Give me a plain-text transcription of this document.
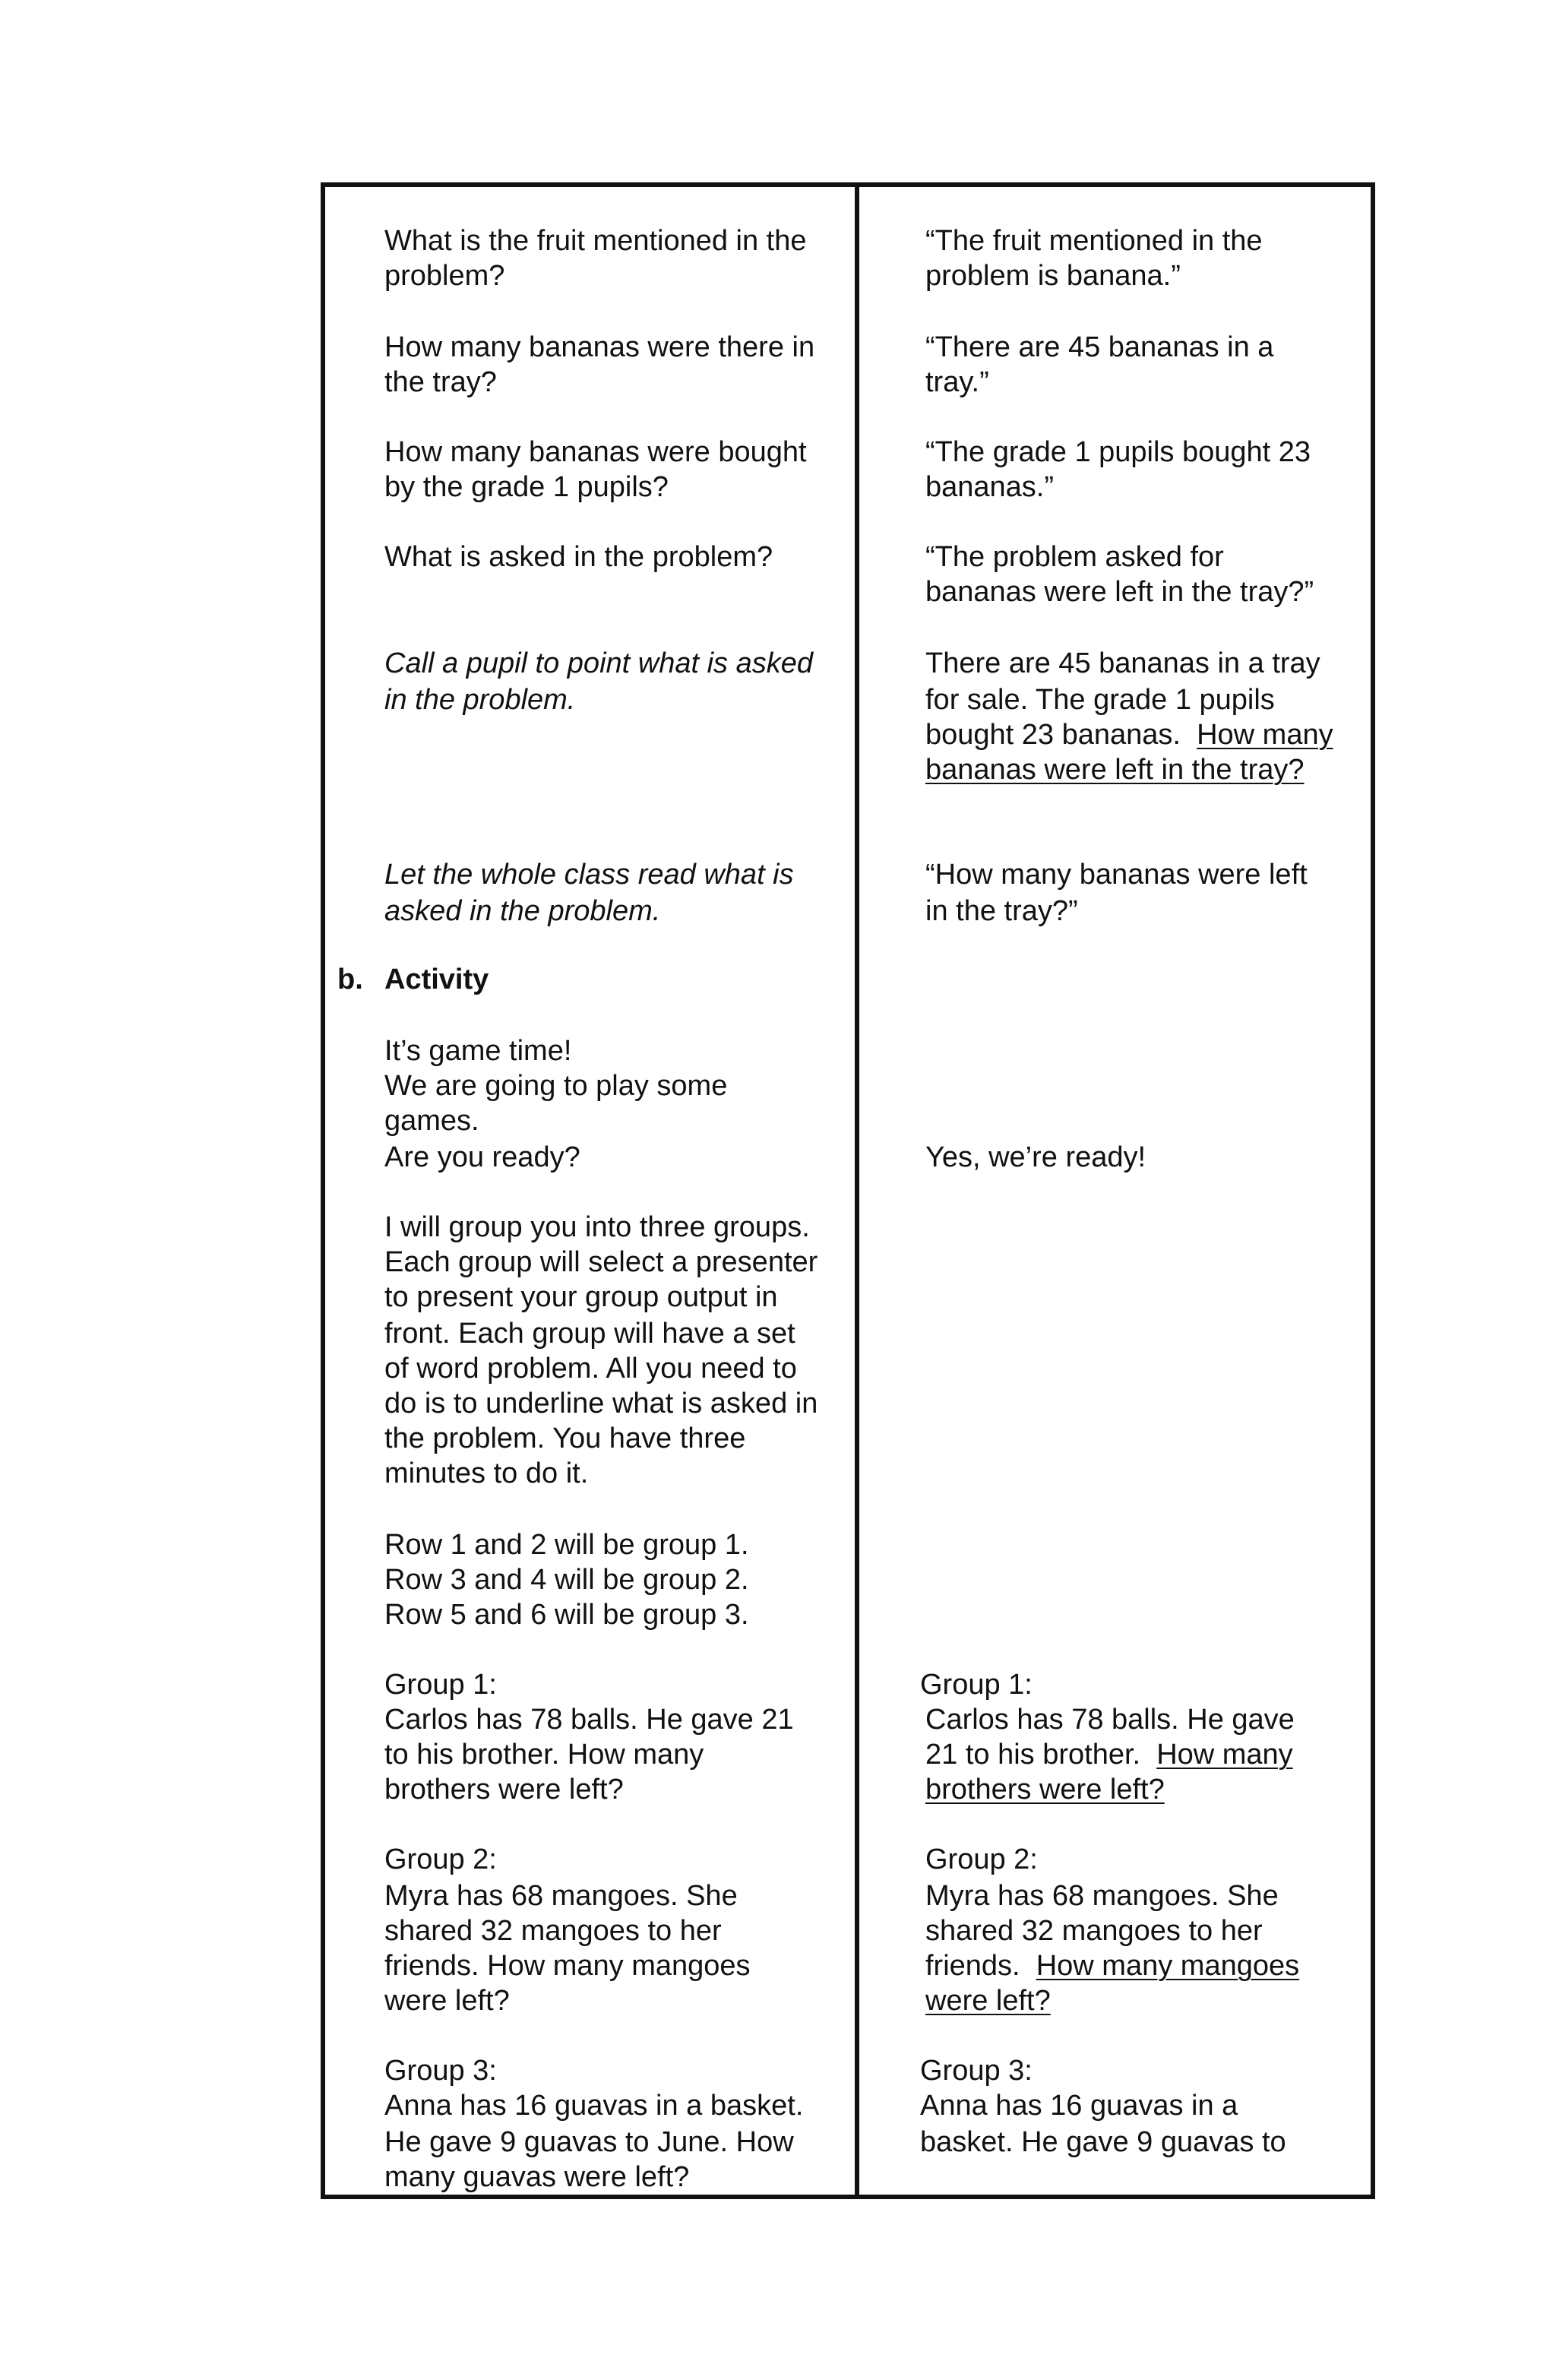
What is the fruit mentioned in the
problem?
How many bananas were there in
the tray?
How many bananas were bought
by the grade 1 pupils?
What is asked in the problem?
Call a pupil to point what is asked
in the problem.
Let the whole class read what is
asked in the problem.
b. Activity
It’s game time!
We are going to play some
games.
Are you ready?
I will group you into three groups.
Each group will select a presenter
to present your group output in
front. Each group will have a set
of word problem. All you need to
do is to underline what is asked in
the problem. You have three
minutes to do it.
Row 1 and 2 will be group 1.
Row 3 and 4 will be group 2.
Row 5 and 6 will be group 3.
Group 1:
Carlos has 78 balls. He gave 21
to his brother. How many
brothers were left?
Group 2:
Myra has 68 mangoes. She
shared 32 mangoes to her
friends. How many mangoes
were left?
Group 3:
Anna has 16 guavas in a basket.
He gave 9 guavas to June. How
many guavas were left?
“The fruit mentioned in the
problem is banana.”
“There are 45 bananas in a
tray.”
“The grade 1 pupils bought 23
bananas.”
“The problem asked for
bananas were left in the tray?”
There are 45 bananas in a tray
for sale. The grade 1 pupils
bought 23 bananas.  How many
bananas were left in the tray?
“How many bananas were left
in the tray?”
Yes, we’re ready!
Group 1:
Carlos has 78 balls. He gave
21 to his brother.  How many
brothers were left?
Group 2:
Myra has 68 mangoes. She
shared 32 mangoes to her
friends.  How many mangoes
were left?
Group 3:
Anna has 16 guavas in a
basket. He gave 9 guavas to
